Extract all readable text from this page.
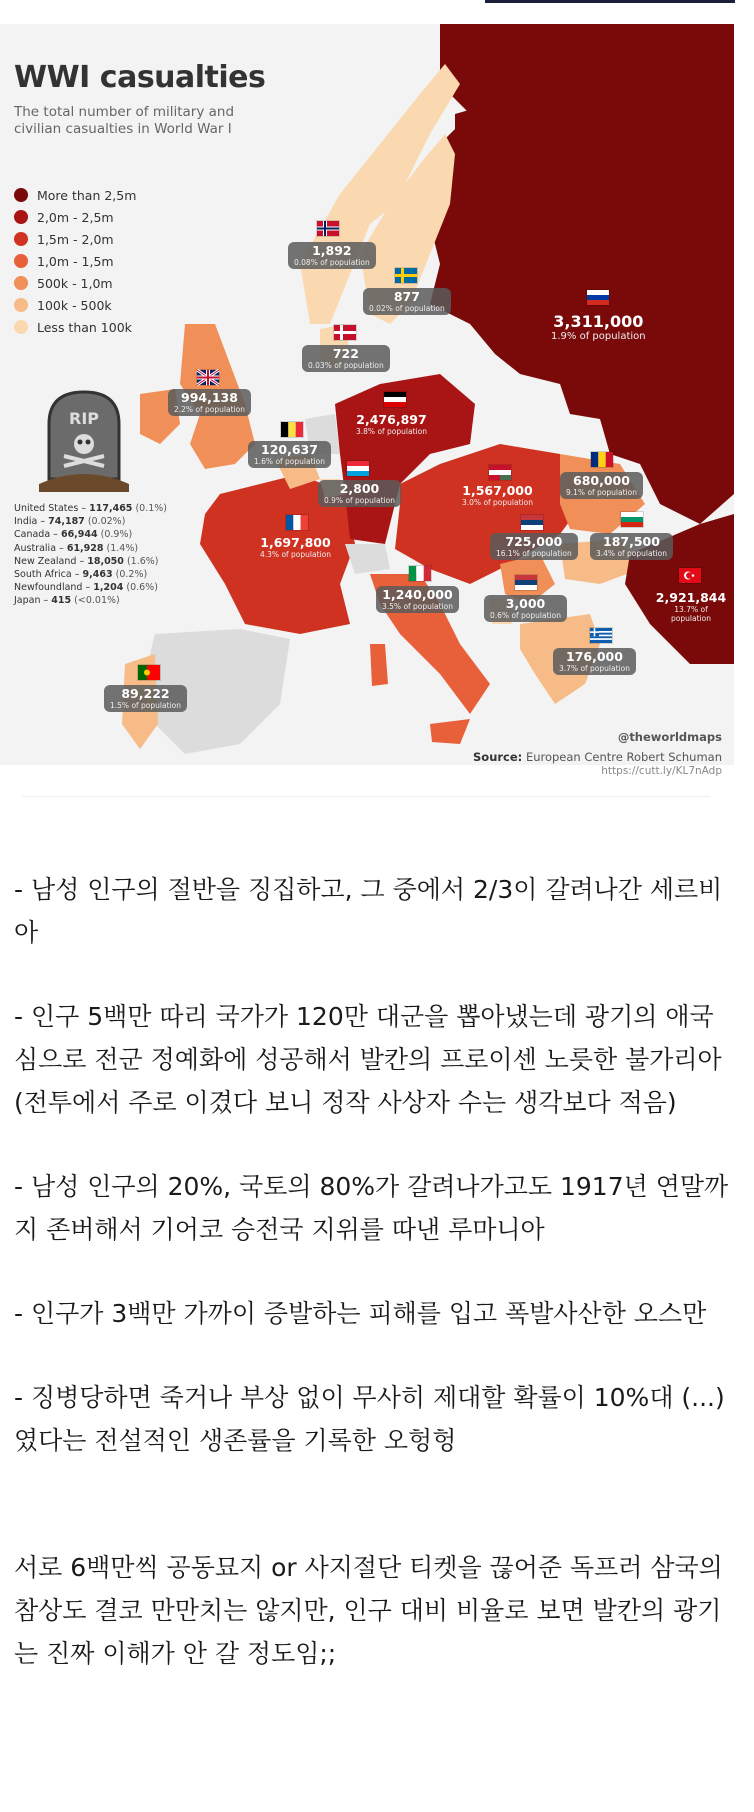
WWI casualties
The total number of military and civilian casualties in World War I
More than 2,5m
2,0m - 2,5m
1,5m - 2,0m
1,0m - 1,5m
500k - 1,0m
100k - 500k
Less than 100k
RIP
United States – 117,465 (0.1%)
India – 74,187 (0.02%)
Canada – 66,944 (0.9%)
Australia – 61,928 (1.4%)
New Zealand – 18,050 (1.6%)
South Africa – 9,463 (0.2%)
Newfoundland – 1,204 (0.6%)
Japan – 415 (<0.01%)
1,892
0.08% of population
877
0.02% of population
722
0.03% of population
3,311,000
1.9% of population
994,138
2.2% of population
2,476,897
3.8% of population
120,637
1.6% of population
2,800
0.9% of population
1,567,000
3.0% of population
680,000
9.1% of population
1,697,800
4.3% of population
725,000
16.1% of population
187,500
3.4% of population
2,921,844
13.7% of population
1,240,000
3.5% of population	3,000
0.6% of population
176,000
3.7% of population
89,222
1.5% of population
@theworldmaps
Source: European Centre Robert Schuman
https://cutt.ly/KL7nAdp

- 남성 인구의 절반을 징집하고, 그 중에서 2/3이 갈려나간 세르비아

- 인구 5백만 따리 국가가 120만 대군을 뽑아냈는데 광기의 애국심으로 전군 정예화에 성공해서 발칸의 프로이센 노릇한 불가리아 (전투에서 주로 이겼다 보니 정작 사상자 수는 생각보다 적음)

- 남성 인구의 20%, 국토의 80%가 갈려나가고도 1917년 연말까지 존버해서 기어코 승전국 지위를 따낸 루마니아

- 인구가 3백만 가까이 증발하는 피해를 입고 폭발사산한 오스만

- 징병당하면 죽거나 부상 없이 무사히 제대할 확률이 10%대 (...) 였다는 전설적인 생존률을 기록한 오헝헝

서로 6백만씩 공동묘지 or 사지절단 티켓을 끊어준 독프러 삼국의 참상도 결코 만만치는 않지만, 인구 대비 비율로 보면 발칸의 광기는 진짜 이해가 안 갈 정도임;;
